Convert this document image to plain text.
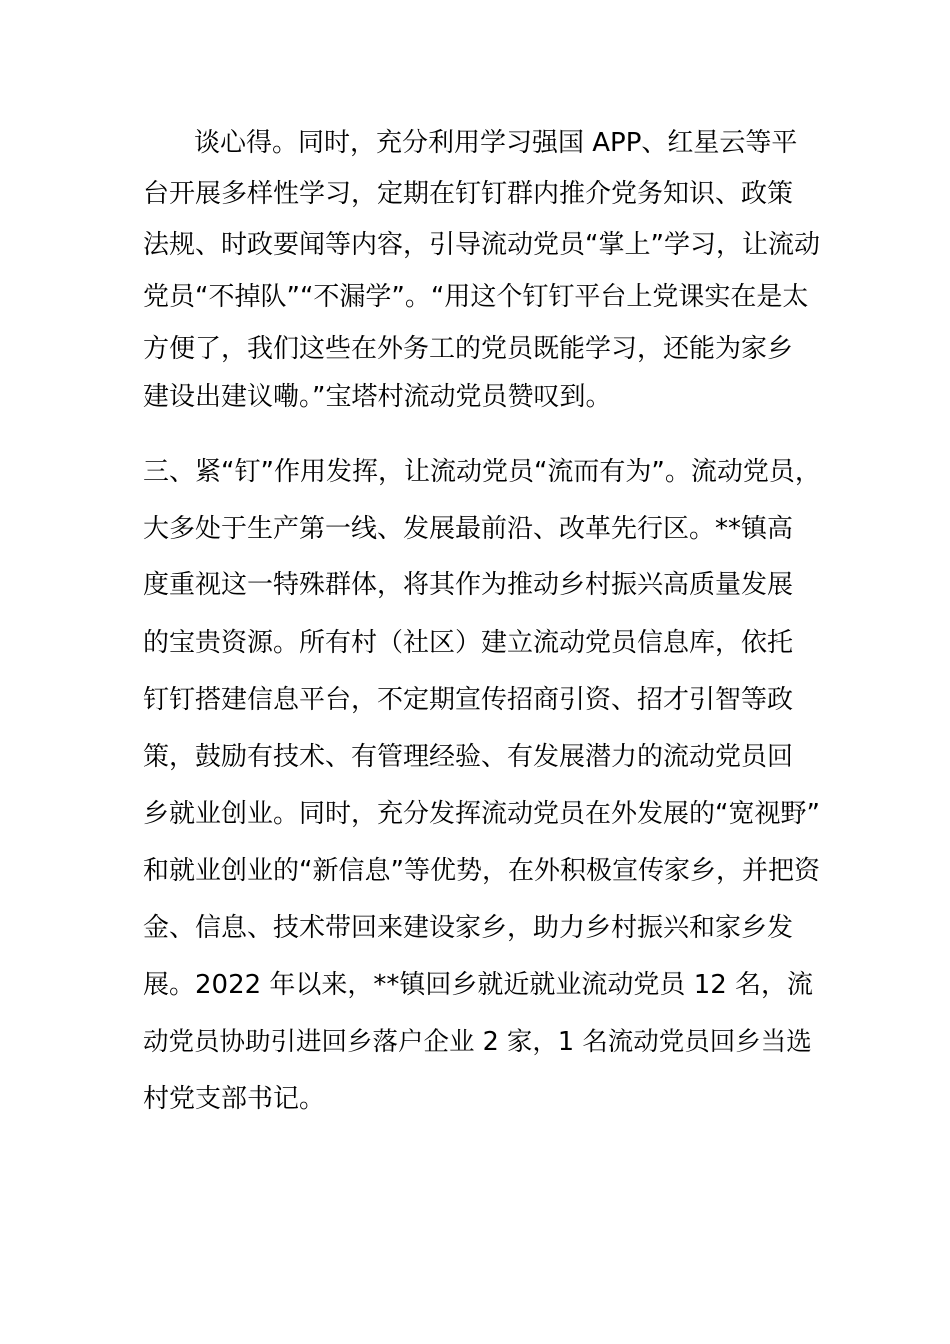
谈心得。同时，充分利用学习强国 APP、红星云等平
台开展多样性学习，定期在钉钉群内推介党务知识、政策
法规、时政要闻等内容，引导流动党员“掌上”学习，让流动
党员“不掉队”“不漏学”。“用这个钉钉平台上党课实在是太
方便了，我们这些在外务工的党员既能学习，还能为家乡
建设出建议嘞。”宝塔村流动党员赞叹到。
三、紧“钉”作用发挥，让流动党员“流而有为”。流动党员，
大多处于生产第一线、发展最前沿、改革先行区。**镇高
度重视这一特殊群体，将其作为推动乡村振兴高质量发展
的宝贵资源。所有村（社区）建立流动党员信息库，依托
钉钉搭建信息平台，不定期宣传招商引资、招才引智等政
策，鼓励有技术、有管理经验、有发展潜力的流动党员回
乡就业创业。同时，充分发挥流动党员在外发展的“宽视野”
和就业创业的“新信息”等优势，在外积极宣传家乡，并把资
金、信息、技术带回来建设家乡，助力乡村振兴和家乡发
展。2022 年以来，**镇回乡就近就业流动党员 12 名，流
动党员协助引进回乡落户企业 2 家，1 名流动党员回乡当选
村党支部书记。
